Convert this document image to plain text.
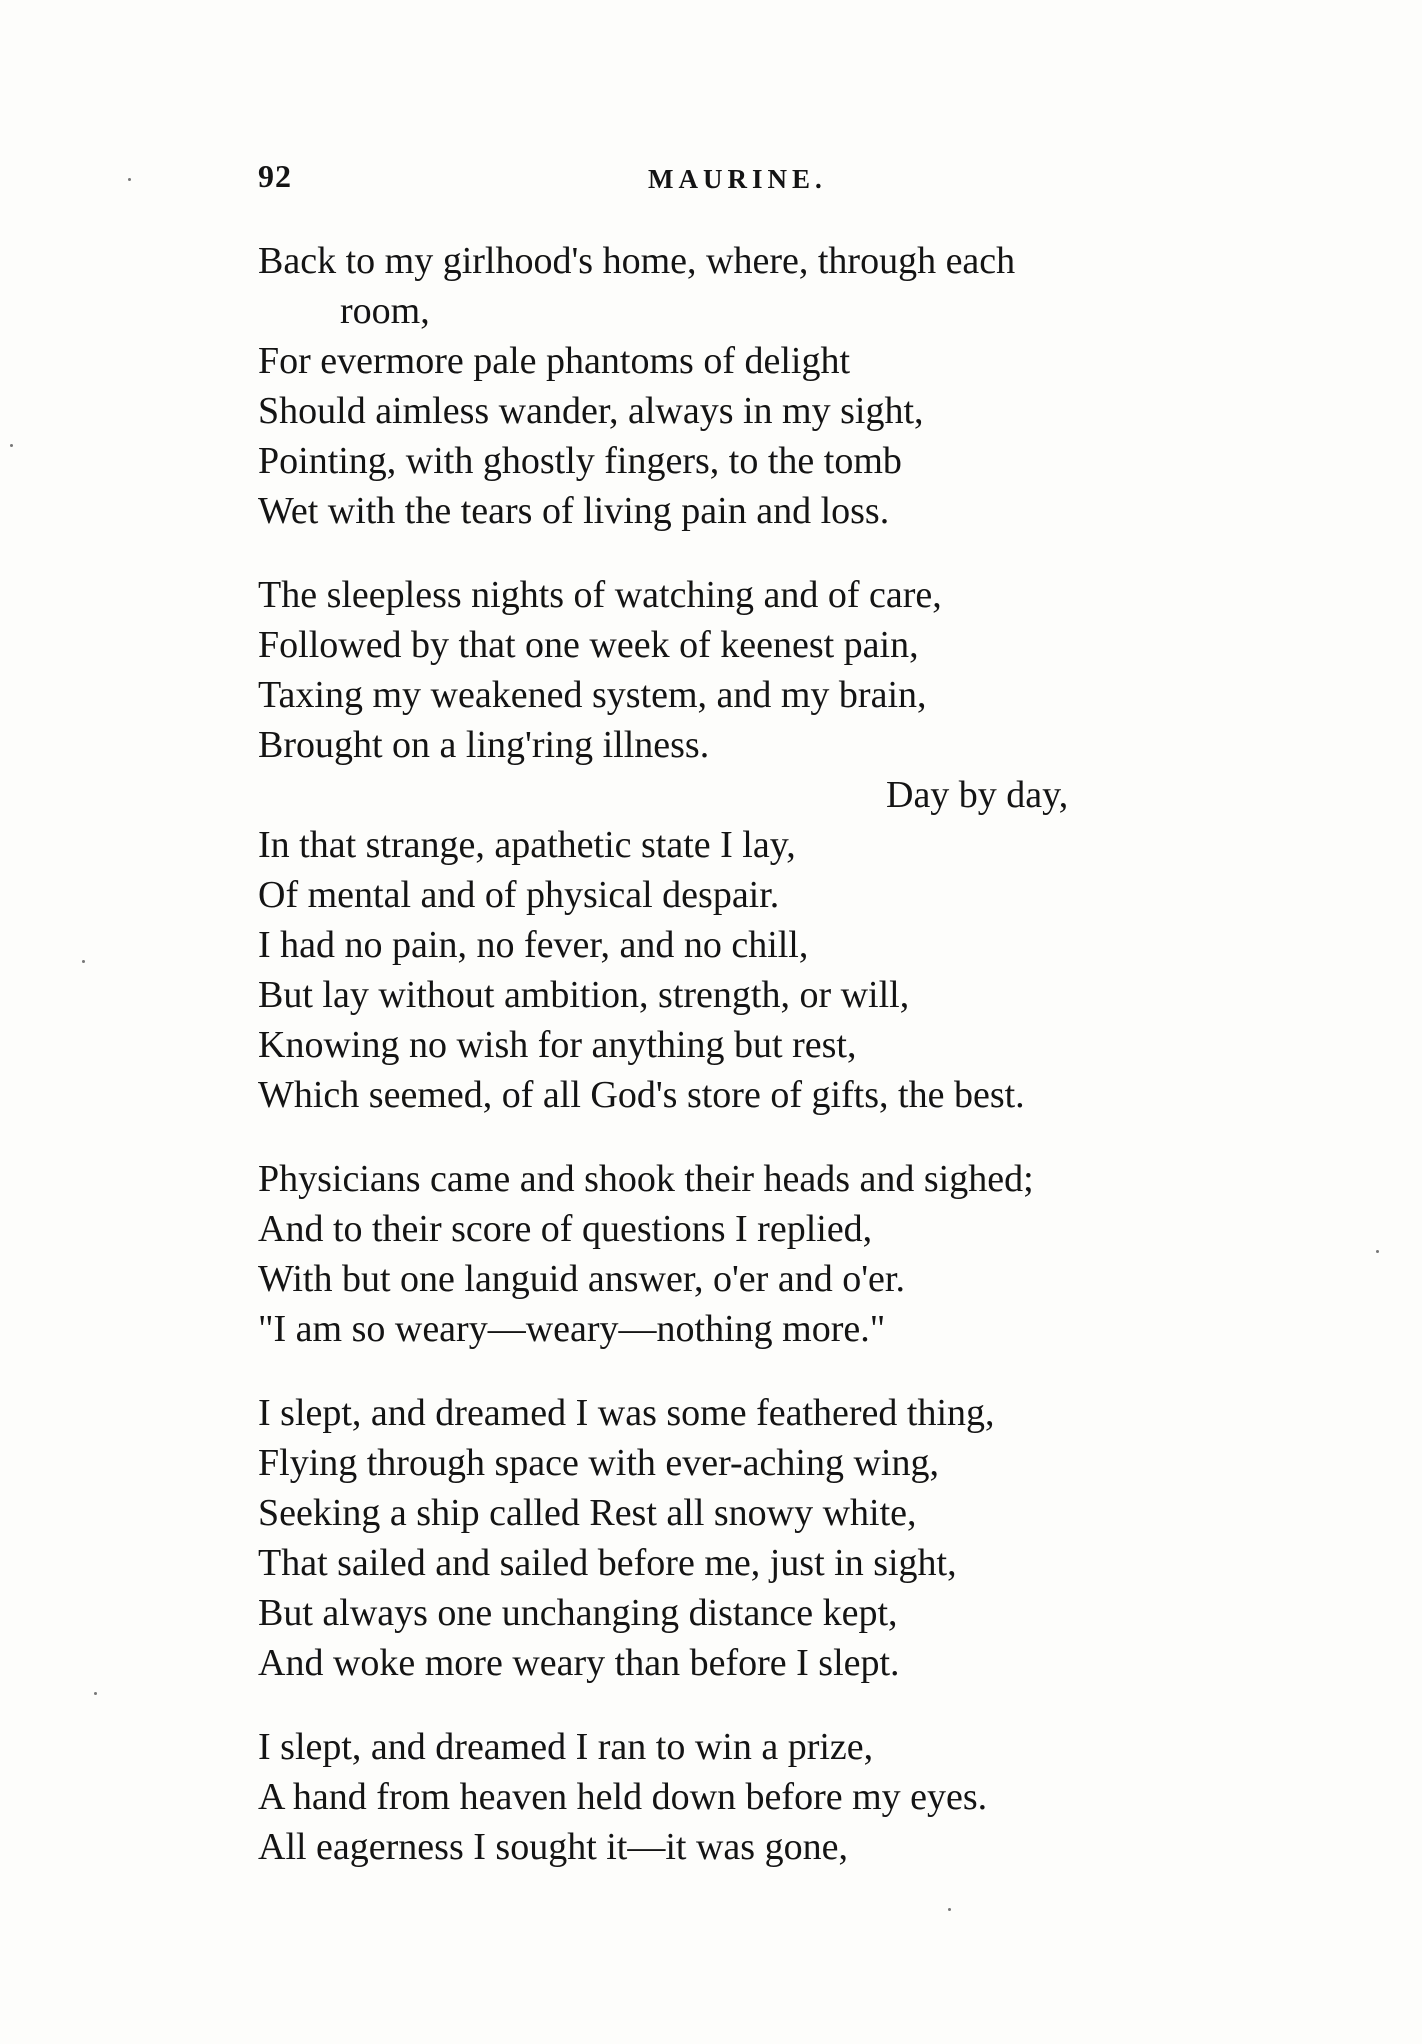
92	MAURINE.
Back to my girlhood's home, where, through each
room,
For evermore pale phantoms of delight
Should aimless wander, always in my sight,
Pointing, with ghostly fingers, to the tomb
Wet with the tears of living pain and loss.
The sleepless nights of watching and of care,
Followed by that one week of keenest pain,
Taxing my weakened system, and my brain,
Brought on a ling'ring illness.
Day by day,
In that strange, apathetic state I lay,
Of mental and of physical despair.
I had no pain, no fever, and no chill,
But lay without ambition, strength, or will,
Knowing no wish for anything but rest,
Which seemed, of all God's store of gifts, the best.
Physicians came and shook their heads and sighed;
And to their score of questions I replied,
With but one languid answer, o'er and o'er.
"I am so weary—weary—nothing more."
I slept, and dreamed I was some feathered thing,
Flying through space with ever-aching wing,
Seeking a ship called Rest all snowy white,
That sailed and sailed before me, just in sight,
But always one unchanging distance kept,
And woke more weary than before I slept.
I slept, and dreamed I ran to win a prize,
A hand from heaven held down before my eyes.
All eagerness I sought it—it was gone,
